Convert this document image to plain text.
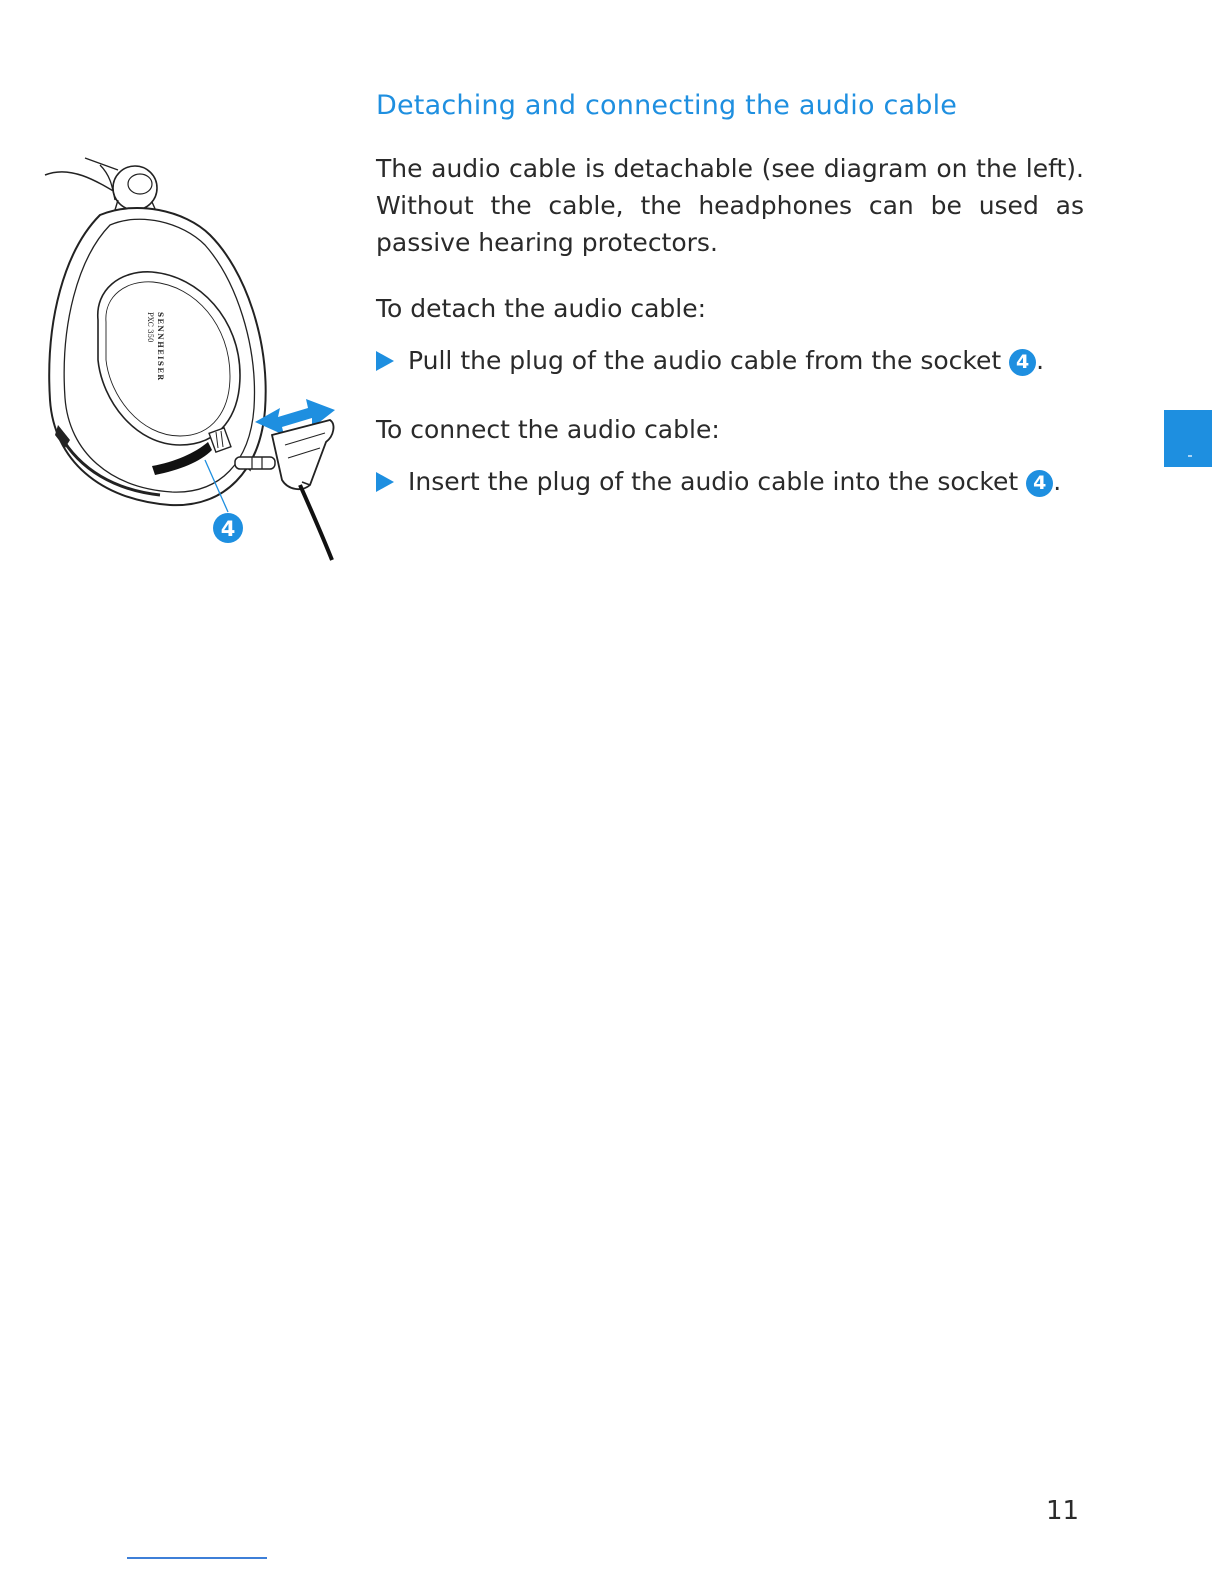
SENNHEISER
PXC 350
4
Detaching and connecting the audio cable

The audio cable is detachable (see diagram on the left). Without the cable, the headphones can be used as passive hearing protectors.

To detach the audio cable:

Pull the plug of the audio cable from the socket 4 .

To connect the audio cable:

Insert the plug of the audio cable into the socket 4 .
11
